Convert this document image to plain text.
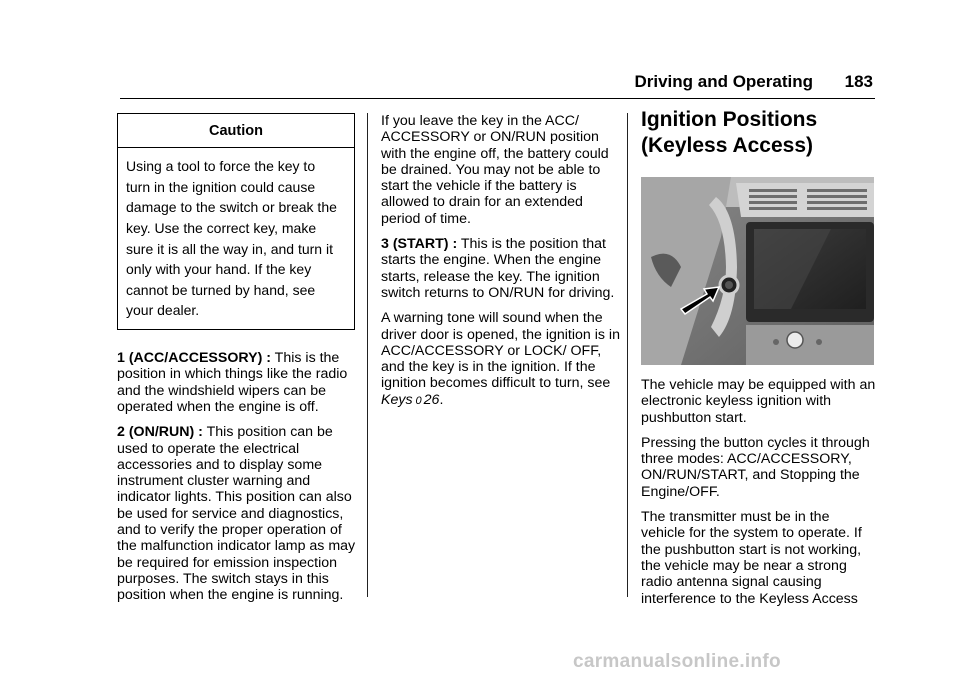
Driving and Operating 183
Caution
Using a tool to force the key to
turn in the ignition could cause
damage to the switch or break the
key. Use the correct key, make
sure it is all the way in, and turn it
only with your hand. If the key
cannot be turned by hand, see
your dealer.

1 (ACC/ACCESSORY) : This is the position in which things like the radio and the windshield wipers can be operated when the engine is off.

2 (ON/RUN) : This position can be used to operate the electrical accessories and to display some instrument cluster warning and indicator lights. This position can also be used for service and diagnostics, and to verify the proper operation of the malfunction indicator lamp as may be required for emission inspection purposes. The switch stays in this position when the engine is running.

If you leave the key in the ACC/ ACCESSORY or ON/RUN position with the engine off, the battery could be drained. You may not be able to start the vehicle if the battery is allowed to drain for an extended period of time.

3 (START) : This is the position that starts the engine. When the engine starts, release the key. The ignition switch returns to ON/RUN for driving.

A warning tone will sound when the driver door is opened, the ignition is in ACC/ACCESSORY or LOCK/ OFF, and the key is in the ignition. If the ignition becomes difficult to turn, see Keys 0 26.

Ignition Positions
(Keyless Access)

The vehicle may be equipped with an electronic keyless ignition with pushbutton start.

Pressing the button cycles it through three modes: ACC/ACCESSORY, ON/RUN/START, and Stopping the Engine/OFF.

The transmitter must be in the vehicle for the system to operate. If the pushbutton start is not working, the vehicle may be near a strong radio antenna signal causing interference to the Keyless Access

carmanualsonline.info
